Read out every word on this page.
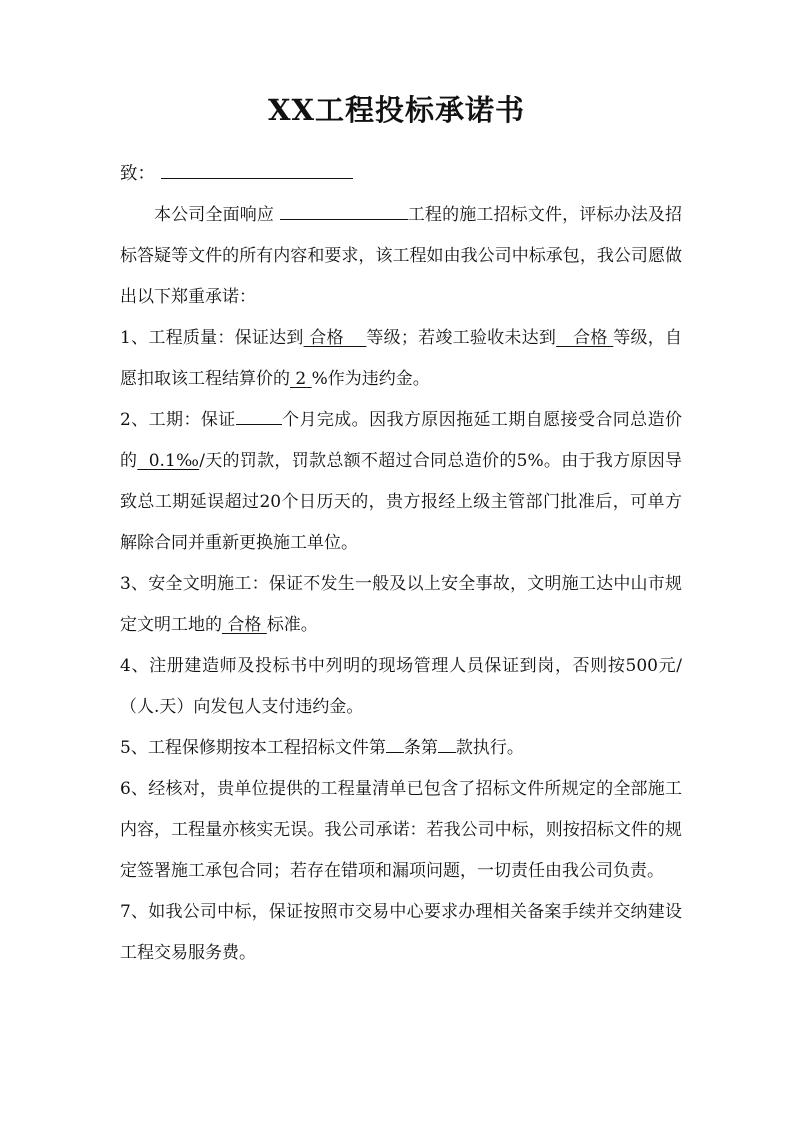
XX工程投标承诺书
致：

本公司全面响应	工程的施工招标文件，评标办法及招标答疑等文件的所有内容和要求，该工程如由我公司中标承包，我公司愿做出以下郑重承诺：

1、工程质量：保证达到 合格 等级；若竣工验收未达到 合格 等级，自愿扣取该工程结算价的 2 %作为违约金。

2、工期：保证	个月完成。因我方原因拖延工期自愿接受合同总造价的 0.1‰/天的罚款，罚款总额不超过合同总造价的5%。由于我方原因导致总工期延误超过20个日历天的，贵方报经上级主管部门批准后，可单方解除合同并重新更换施工单位。

3、安全文明施工：保证不发生一般及以上安全事故，文明施工达中山市规定文明工地的 合格 标准。

4、注册建造师及投标书中列明的现场管理人员保证到岗，否则按500元/（人.天）向发包人支付违约金。

5、工程保修期按本工程招标文件第 条第 款执行。

6、经核对，贵单位提供的工程量清单已包含了招标文件所规定的全部施工内容，工程量亦核实无误。我公司承诺：若我公司中标，则按招标文件的规定签署施工承包合同；若存在错项和漏项问题，一切责任由我公司负责。

7、如我公司中标，保证按照市交易中心要求办理相关备案手续并交纳建设工程交易服务费。
